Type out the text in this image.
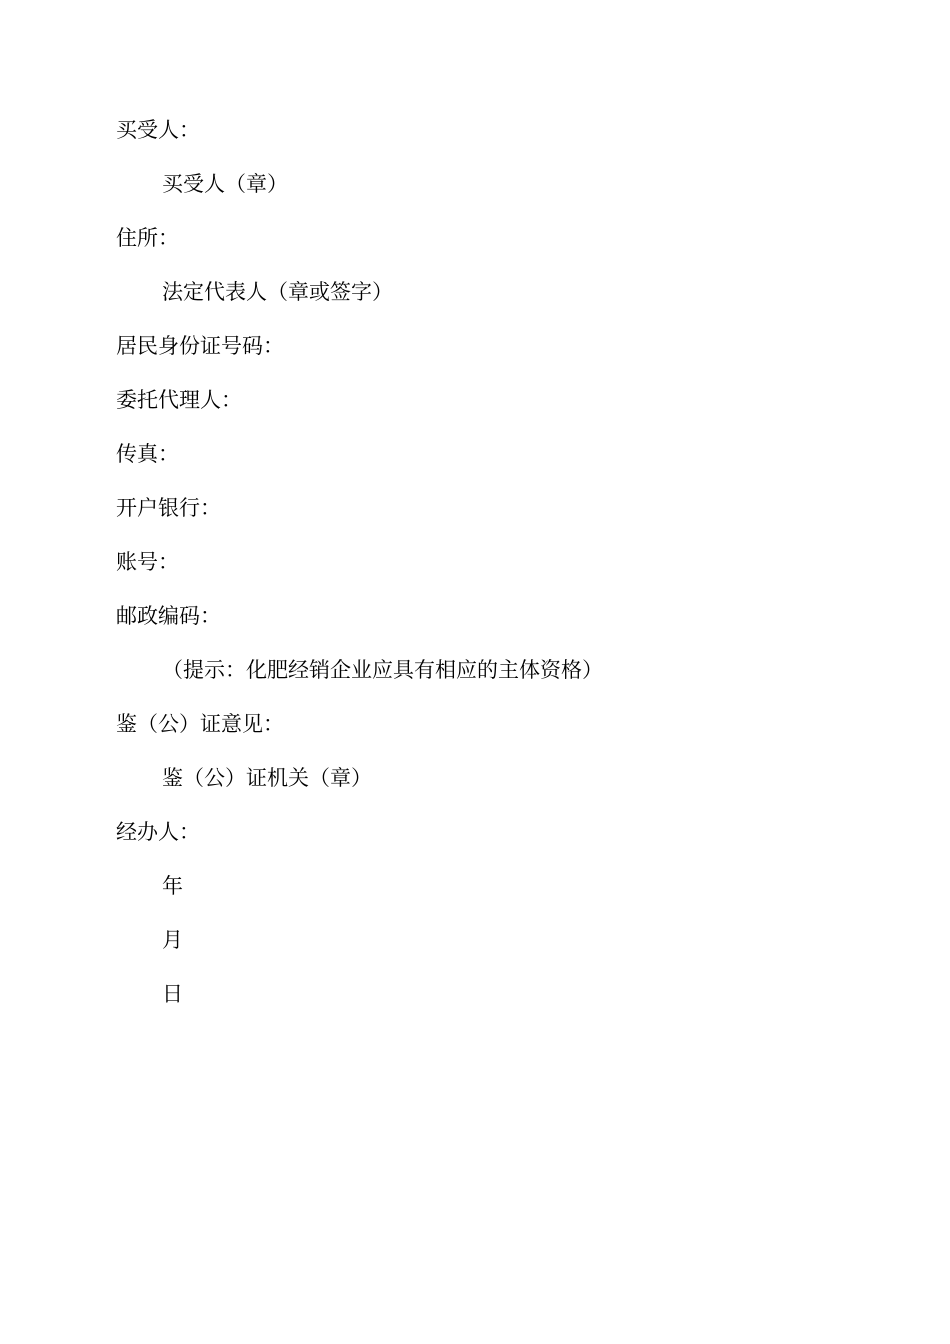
买受人：
买受人（章）
住所：
法定代表人（章或签字）
居民身份证号码：
委托代理人：
传真：
开户银行：
账号：
邮政编码：
（提示：化肥经销企业应具有相应的主体资格）
鉴（公）证意见：
鉴（公）证机关（章）
经办人：
年
月
日
